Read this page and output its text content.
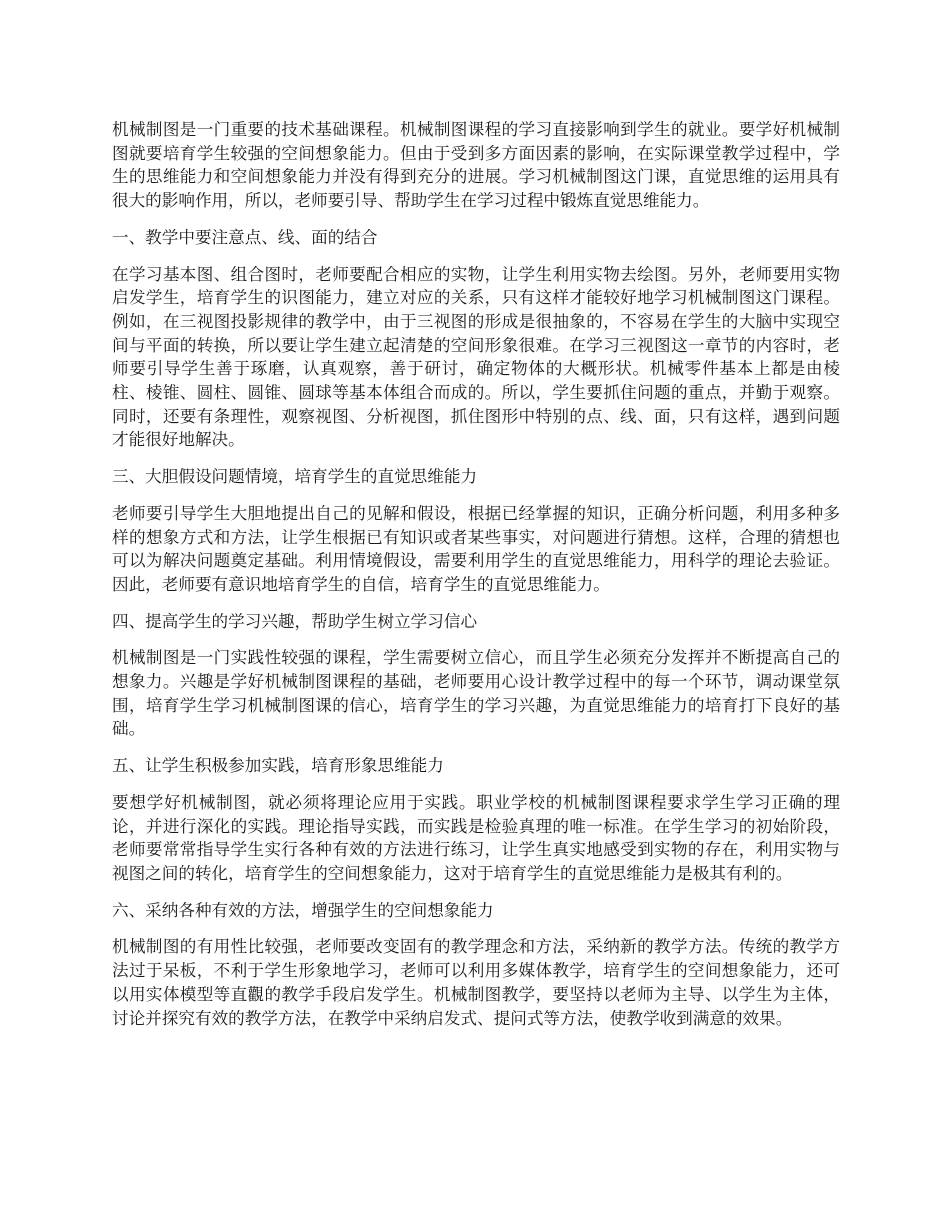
机械制图是一门重要的技术基础课程。机械制图课程的学习直接影响到学生的就业。要学好机械制图就要培育学生较强的空间想象能力。但由于受到多方面因素的影响，在实际课堂教学过程中，学生的思维能力和空间想象能力并没有得到充分的进展。学习机械制图这门课，直觉思维的运用具有很大的影响作用，所以，老师要引导、帮助学生在学习过程中锻炼直觉思维能力。

一、教学中要注意点、线、面的结合

在学习基本图、组合图时，老师要配合相应的实物，让学生利用实物去绘图。另外，老师要用实物启发学生，培育学生的识图能力，建立对应的关系，只有这样才能较好地学习机械制图这门课程。例如，在三视图投影规律的教学中，由于三视图的形成是很抽象的，不容易在学生的大脑中实现空间与平面的转换，所以要让学生建立起清楚的空间形象很难。在学习三视图这一章节的内容时，老师要引导学生善于琢磨，认真观察，善于研讨，确定物体的大概形状。机械零件基本上都是由棱柱、棱锥、圆柱、圆锥、圆球等基本体组合而成的。所以，学生要抓住问题的重点，并勤于观察。同时，还要有条理性，观察视图、分析视图，抓住图形中特别的点、线、面，只有这样，遇到问题才能很好地解决。

三、大胆假设问题情境，培育学生的直觉思维能力

老师要引导学生大胆地提出自己的见解和假设，根据已经掌握的知识，正确分析问题，利用多种多样的想象方式和方法，让学生根据已有知识或者某些事实，对问题进行猜想。这样，合理的猜想也可以为解决问题奠定基础。利用情境假设，需要利用学生的直觉思维能力，用科学的理论去验证。因此，老师要有意识地培育学生的自信，培育学生的直觉思维能力。

四、提高学生的学习兴趣，帮助学生树立学习信心

机械制图是一门实践性较强的课程，学生需要树立信心，而且学生必须充分发挥并不断提高自己的想象力。兴趣是学好机械制图课程的基础，老师要用心设计教学过程中的每一个环节，调动课堂氛围，培育学生学习机械制图课的信心，培育学生的学习兴趣，为直觉思维能力的培育打下良好的基础。

五、让学生积极参加实践，培育形象思维能力

要想学好机械制图，就必须将理论应用于实践。职业学校的机械制图课程要求学生学习正确的理论，并进行深化的实践。理论指导实践，而实践是检验真理的唯一标准。在学生学习的初始阶段，老师要常常指导学生实行各种有效的方法进行练习，让学生真实地感受到实物的存在，利用实物与视图之间的转化，培育学生的空间想象能力，这对于培育学生的直觉思维能力是极其有利的。

六、采纳各种有效的方法，增强学生的空间想象能力

机械制图的有用性比较强，老师要改变固有的教学理念和方法，采纳新的教学方法。传统的教学方法过于呆板，不利于学生形象地学习，老师可以利用多媒体教学，培育学生的空间想象能力，还可以用实体模型等直觀的教学手段启发学生。机械制图教学，要坚持以老师为主导、以学生为主体，讨论并探究有效的教学方法，在教学中采纳启发式、提问式等方法，使教学收到满意的效果。
